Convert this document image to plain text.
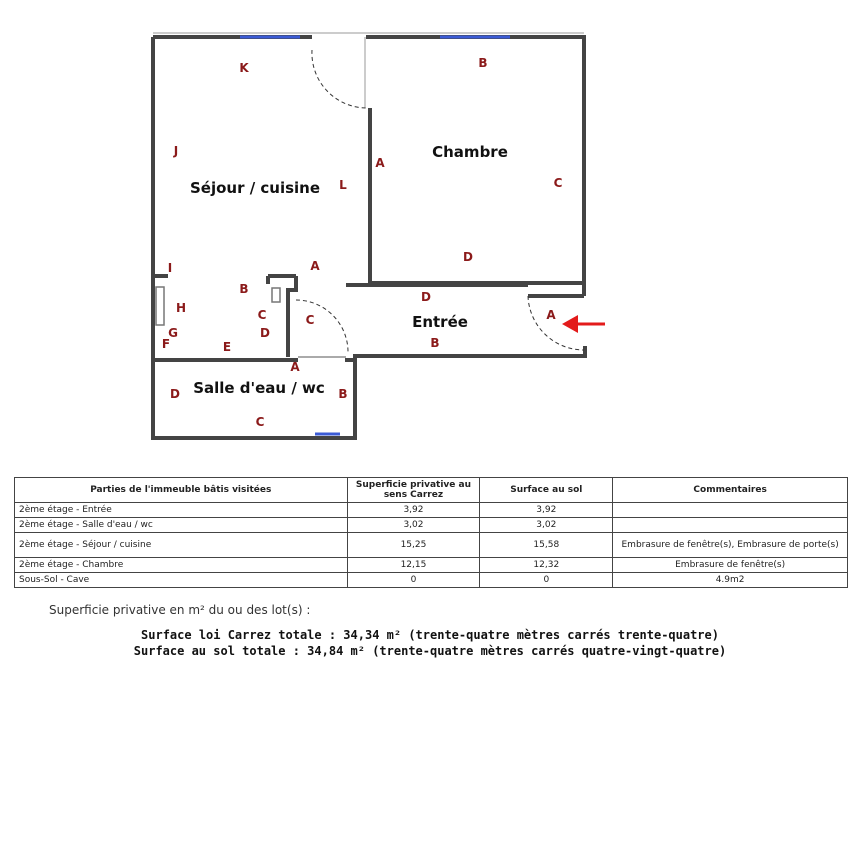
Séjour / cuisine
Chambre
Entrée
Salle d'eau / wc
K
J
L
A
I
H
B
C
G
F	E
D
B
A
C
D
D
C	A
B
A
D	B
C
Parties de l'immeuble bâtis visitées	Superficie privative au sens Carrez	Surface au sol	Commentaires
2ème étage - Entrée	3,92	3,92	
2ème étage - Salle d'eau / wc	3,02	3,02	
2ème étage - Séjour / cuisine	15,25	15,58	Embrasure de fenêtre(s), Embrasure de porte(s)
2ème étage - Chambre	12,15	12,32	Embrasure de fenêtre(s)
Sous-Sol - Cave	0	0	4.9m2
Superficie privative en m² du ou des lot(s) :
Surface loi Carrez totale : 34,34 m² (trente-quatre mètres carrés trente-quatre)
Surface au sol totale : 34,84 m² (trente-quatre mètres carrés quatre-vingt-quatre)
